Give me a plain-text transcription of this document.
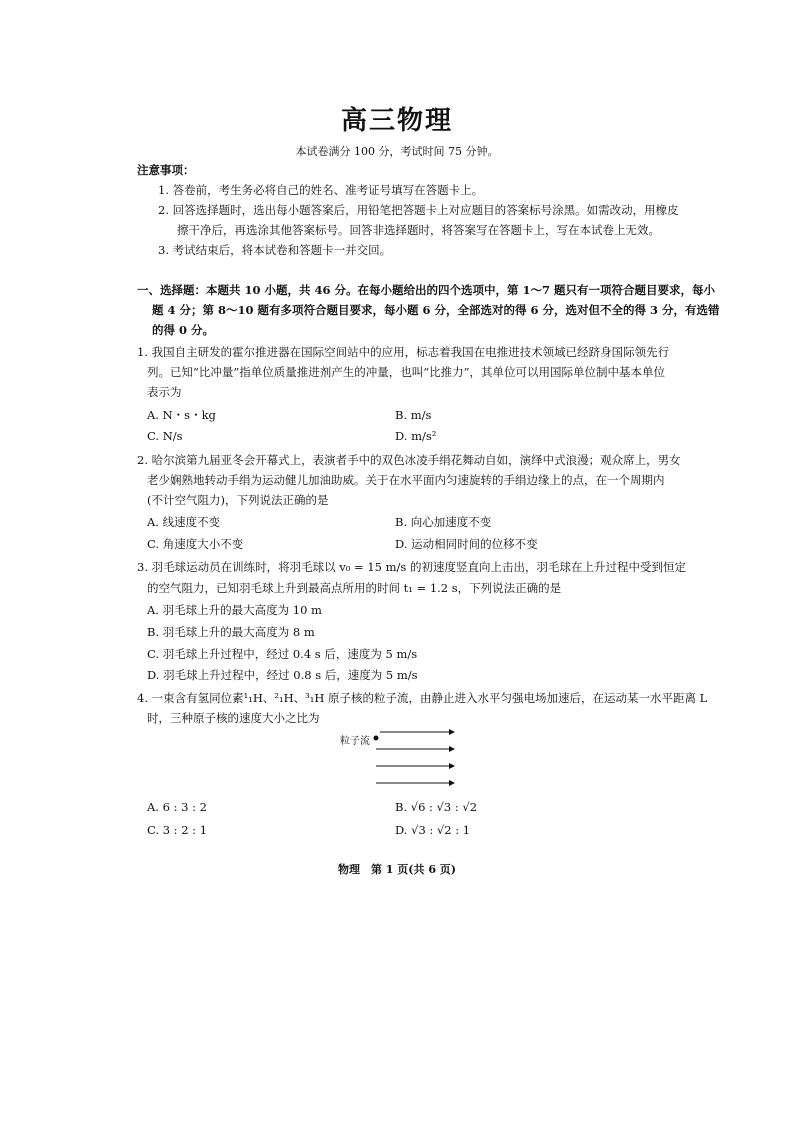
高三物理
本试卷满分 100 分，考试时间 75 分钟。
注意事项：
1. 答卷前，考生务必将自己的姓名、准考证号填写在答题卡上。
2. 回答选择题时，选出每小题答案后，用铅笔把答题卡上对应题目的答案标号涂黑。如需改动，用橡皮
擦干净后，再选涂其他答案标号。回答非选择题时，将答案写在答题卡上，写在本试卷上无效。
3. 考试结束后，将本试卷和答题卡一并交回。
一、选择题：本题共 10 小题，共 46 分。在每小题给出的四个选项中，第 1～7 题只有一项符合题目要求，每小
题 4 分；第 8～10 题有多项符合题目要求，每小题 6 分，全部选对的得 6 分，选对但不全的得 3 分，有选错
的得 0 分。
1. 我国自主研发的霍尔推进器在国际空间站中的应用，标志着我国在电推进技术领域已经跻身国际领先行
列。已知“比冲量”指单位质量推进剂产生的冲量，也叫“比推力”，其单位可以用国际单位制中基本单位
表示为
A. N・s・kg	B. m/s
C. N/s	D. m/s²
2. 哈尔滨第九届亚冬会开幕式上，表演者手中的双色冰凌手绢花舞动自如，演绎中式浪漫；观众席上，男女
老少娴熟地转动手绢为运动健儿加油助威。关于在水平面内匀速旋转的手绢边缘上的点，在一个周期内
(不计空气阻力)，下列说法正确的是
A. 线速度不变	B. 向心加速度不变
C. 角速度大小不变	D. 运动相同时间的位移不变
3. 羽毛球运动员在训练时，将羽毛球以 v₀ = 15 m/s 的初速度竖直向上击出，羽毛球在上升过程中受到恒定
的空气阻力，已知羽毛球上升到最高点所用的时间 t₁ = 1.2 s，下列说法正确的是
A. 羽毛球上升的最大高度为 10 m
B. 羽毛球上升的最大高度为 8 m
C. 羽毛球上升过程中，经过 0.4 s 后，速度为 5 m/s
D. 羽毛球上升过程中，经过 0.8 s 后，速度为 5 m/s
4. 一束含有氢同位素¹₁H、²₁H、³₁H 原子核的粒子流，由静止进入水平匀强电场加速后，在运动某一水平距离 L
时，三种原子核的速度大小之比为
粒子流
A. 6 : 3 : 2	B. √6 : √3 : √2
C. 3 : 2 : 1	D. √3 : √2 : 1
物理　第 1 页(共 6 页)
